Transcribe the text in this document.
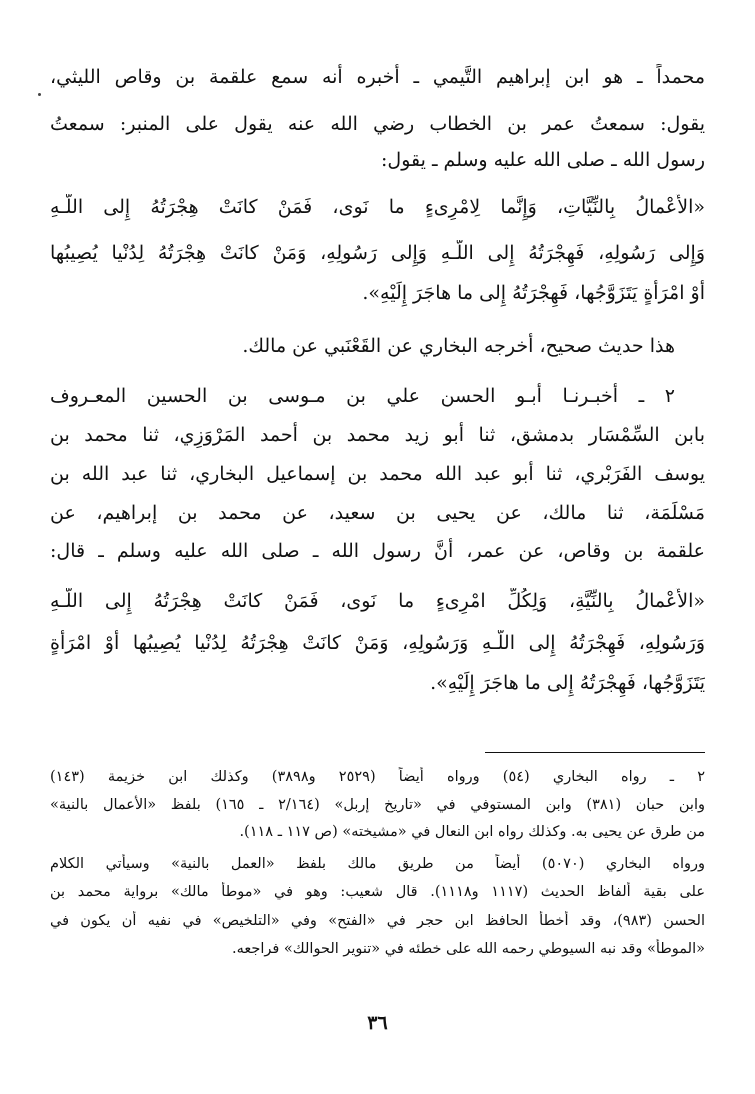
محمداً ـ هو ابن إبراهيم التَّيمي ـ أخبره أنه سمع علقمة بن وقاص الليثي،
يقول: سمعتُ عمر بن الخطاب رضي الله عنه يقول على المنبر: سمعتُ
رسول الله ـ صلى الله عليه وسلم ـ يقول:
«الأَعْمالُ بِالنِّيَّاتِ، وَإِنَّما لِامْرِىءٍ ما نَوى، فَمَنْ كانَتْ هِجْرَتُهُ إِلى اللَّـهِ
وَإِلى رَسُولِهِ، فَهِجْرَتُهُ إِلى اللَّـهِ وَإِلى رَسُولِهِ، وَمَنْ كانَتْ هِجْرَتُهُ لِدُنْيا يُصِيبُها
أَوْ امْرَأَةٍ يَتَزَوَّجُها، فَهِجْرَتُهُ إِلى ما هاجَرَ إِلَيْهِ».
هذا حديث صحيح، أخرجه البخاري عن القَعْنَبي عن مالك.
٢ ـ أخبـرنـا أبـو الحسن علي بن مـوسى بن الحسين المعـروف
بابن السِّمْسَار بدمشق، ثنا أبو زيد محمد بن أحمد المَرْوَزِي، ثنا محمد بن
يوسف الفَرَبْري، ثنا أبو عبد الله محمد بن إسماعيل البخاري، ثنا عبد الله بن
مَسْلَمَة، ثنا مالك، عن يحيى بن سعيد، عن محمد بن إبراهيم، عن
علقمة بن وقاص، عن عمر، أَنَّ رسول الله ـ صلى الله عليه وسلم ـ قال:
«الأَعْمالُ بِالنِّيَّةِ، وَلِكُلِّ امْرِىءٍ ما نَوى، فَمَنْ كانَتْ هِجْرَتُهُ إِلى اللَّـهِ
وَرَسُولِهِ، فَهِجْرَتُهُ إِلى اللَّـهِ وَرَسُولِهِ، وَمَنْ كانَتْ هِجْرَتُهُ لِدُنْيا يُصِيبُها أَوْ امْرَأَةٍ
يَتَزَوَّجُها، فَهِجْرَتُهُ إِلى ما هاجَرَ إِلَيْهِ».
٢ ـ رواه البخاري (٥٤) ورواه أيضاً (٢٥٢٩ و٣٨٩٨) وكذلك ابن خزيمة (١٤٣)
وابن حبان (٣٨١) وابن المستوفي في «تاريخ إربل» (٢/١٦٤ ـ ١٦٥) بلفظ «الأعمال بالنية»
من طرق عن يحيى به. وكذلك رواه ابن النعال في «مشيخته» (ص ١١٧ ـ ١١٨).
ورواه البخاري (٥٠٧٠) أيضاً من طريق مالك بلفظ «العمل بالنية» وسيأتي الكلام
على بقية ألفاظ الحديث (١١١٧ و١١١٨). قال شعيب: وهو في «موطأ مالك» برواية محمد بن
الحسن (٩٨٣)، وقد أخطأ الحافظ ابن حجر في «الفتح» وفي «التلخيص» في نفيه أن يكون في
«الموطأ» وقد نبه السيوطي رحمه الله على خطئه في «تنوير الحوالك» فراجعه.
٣٦
